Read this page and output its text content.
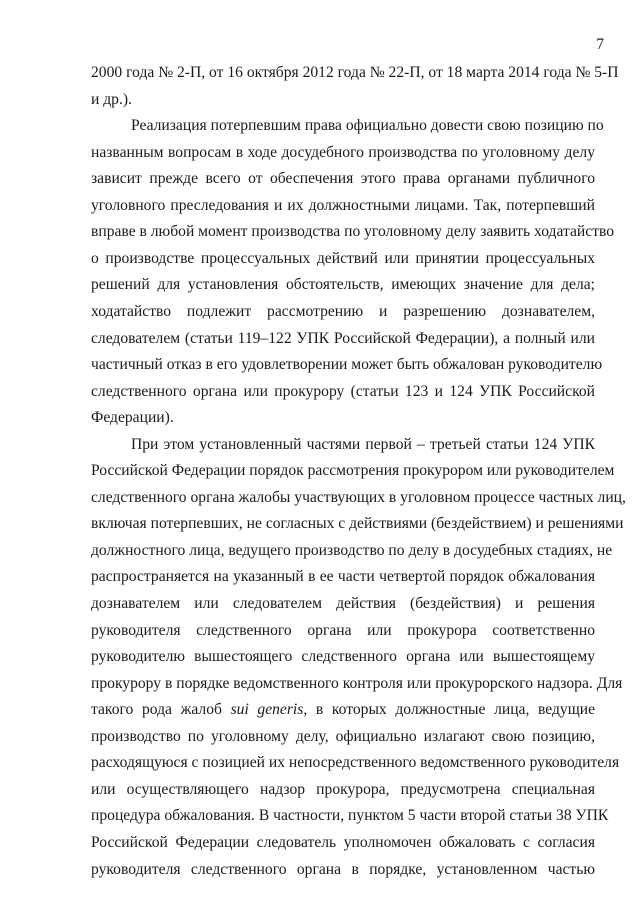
7
2000 года № 2-П, от 16 октября 2012 года № 22-П, от 18 марта 2014 года № 5-П
и др.).
Реализация потерпевшим права официально довести свою позицию по
названным вопросам в ходе досудебного производства по уголовному делу
зависит прежде всего от обеспечения этого права органами публичного
уголовного преследования и их должностными лицами. Так, потерпевший
вправе в любой момент производства по уголовному делу заявить ходатайство
о производстве процессуальных действий или принятии процессуальных
решений для установления обстоятельств, имеющих значение для дела;
ходатайство подлежит рассмотрению и разрешению дознавателем,
следователем (статьи 119–122 УПК Российской Федерации), а полный или
частичный отказ в его удовлетворении может быть обжалован руководителю
следственного органа или прокурору (статьи 123 и 124 УПК Российской
Федерации).
При этом установленный частями первой – третьей статьи 124 УПК
Российской Федерации порядок рассмотрения прокурором или руководителем
следственного органа жалобы участвующих в уголовном процессе частных лиц,
включая потерпевших, не согласных с действиями (бездействием) и решениями
должностного лица, ведущего производство по делу в досудебных стадиях, не
распространяется на указанный в ее части четвертой порядок обжалования
дознавателем или следователем действия (бездействия) и решения
руководителя следственного органа или прокурора соответственно
руководителю вышестоящего следственного органа или вышестоящему
прокурору в порядке ведомственного контроля или прокурорского надзора. Для
такого рода жалоб sui generis, в которых должностные лица, ведущие
производство по уголовному делу, официально излагают свою позицию,
расходящуюся с позицией их непосредственного ведомственного руководителя
или осуществляющего надзор прокурора, предусмотрена специальная
процедура обжалования. В частности, пунктом 5 части второй статьи 38 УПК
Российской Федерации следователь уполномочен обжаловать с согласия
руководителя следственного органа в порядке, установленном частью
